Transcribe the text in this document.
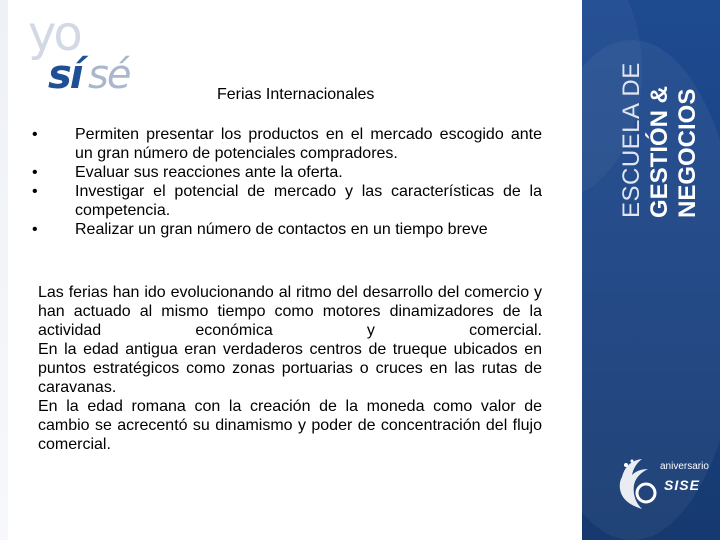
yo
sí sé	Ferias Internacionales
• Permiten presentar los productos en el mercado escogido ante un gran número de potenciales compradores.
• Evaluar sus reacciones ante la oferta.
• Investigar el potencial de mercado y las características de la competencia.
• Realizar un gran número de contactos en un tiempo breve

Las ferias han ido evolucionando al ritmo del desarrollo del comercio y han actuado al mismo tiempo como motores dinamizadores de la actividad económica y comercial.

En la edad antigua eran verdaderos centros de trueque ubicados en puntos estratégicos como zonas portuarias o cruces en las rutas de caravanas.

En la edad romana con la creación de la moneda como valor de cambio se acrecentó su dinamismo y poder de concentración del flujo comercial.

ESCUELA DE GESTIÓN & NEGOCIOS
aniversario
SISE
